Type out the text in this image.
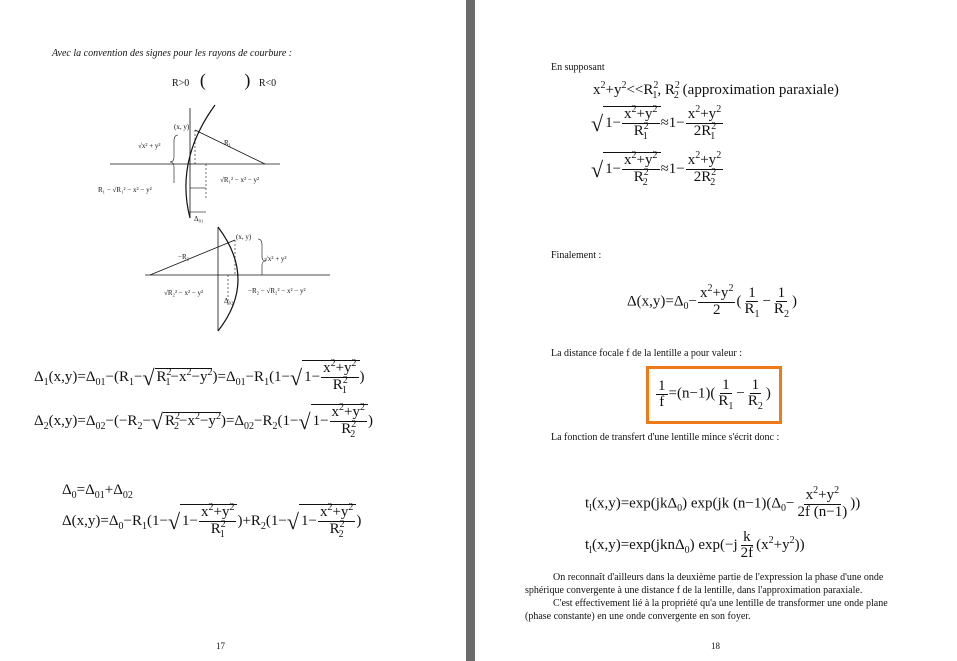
Avec la convention des signes pour les rayons de courbure :
R>0 ( ) R<0
(x, y)
R₁
√x² + y²
√R₁² − x² − y²
R₁ − √R₁² − x² − y²
Δ₀₁
(x, y)
−R₂	√x² + y²
√R₂² − x² − y²	−R₂ − √R₂² − x² − y²
Δ₀₂
$\Delta_1(x,y)=\Delta_{01}-(R_1-√$ $R^2_1-x^2-y^2)=\Delta_{01}-R_1(1-√$ $1- \frac{x^2+y^2}{R^2_1}$ )
$\Delta_2(x,y)=\Delta_{02}-(-R_2-√$ $R^2_2-x^2-y^2)=\Delta_{02}-R_2(1-√$ $1- \frac{x^2+y^2}{R^2_2}$ )
$\Delta_0=\Delta_{01}+\Delta_{02}$
$\Delta(x,y)=\Delta_0-R_1(1-√$ $1- \frac{x^2+y^2}{R^2_1} )+R_2(1-√$ $1- \frac{x^2+y^2}{R^2_2}$ )
17
En supposant
$x^2+y^2<<R^2_1$, $R^2_2$ (approximation paraxiale)
√ $1- \frac{x^2+y^2}{R^2_1} \approx 1- \frac{x^2+y^2}{2R^2_1}$
√ $1- \frac{x^2+y^2}{R^2_2} \approx 1- \frac{x^2+y^2}{2R^2_2}$
Finalement :
$\Delta(x,y)=\Delta_0- \frac{x^2+y^2}{2}$ ( $\frac{1}{R_1} - \frac{1}{R_2}$ )
La distance focale f de la lentille a pour valeur :
$\frac{1}{f} =(n-1)( \frac{1}{R_1} - \frac{1}{R_2}$ )
La fonction de transfert d'une lentille mince s'écrit donc :
$t_l(x,y)=\exp(jk\Delta_0)$ exp(jk $(n-1)(\Delta_0- \frac{x^2+y^2}{2f (n-1)}$ ))
$t_l(x,y)=\exp(jkn\Delta_0)$ $\exp(-j \frac{k}{2f} (x^2+y^2))$
On reconnaît d'ailleurs dans la deuxième partie de l'expression la phase d'une onde
sphérique convergente à une distance f de la lentille, dans l'approximation paraxiale.
C'est effectivement lié à la propriété qu'a une lentille de transformer une onde plane
(phase constante) en une onde convergente en son foyer.
18
